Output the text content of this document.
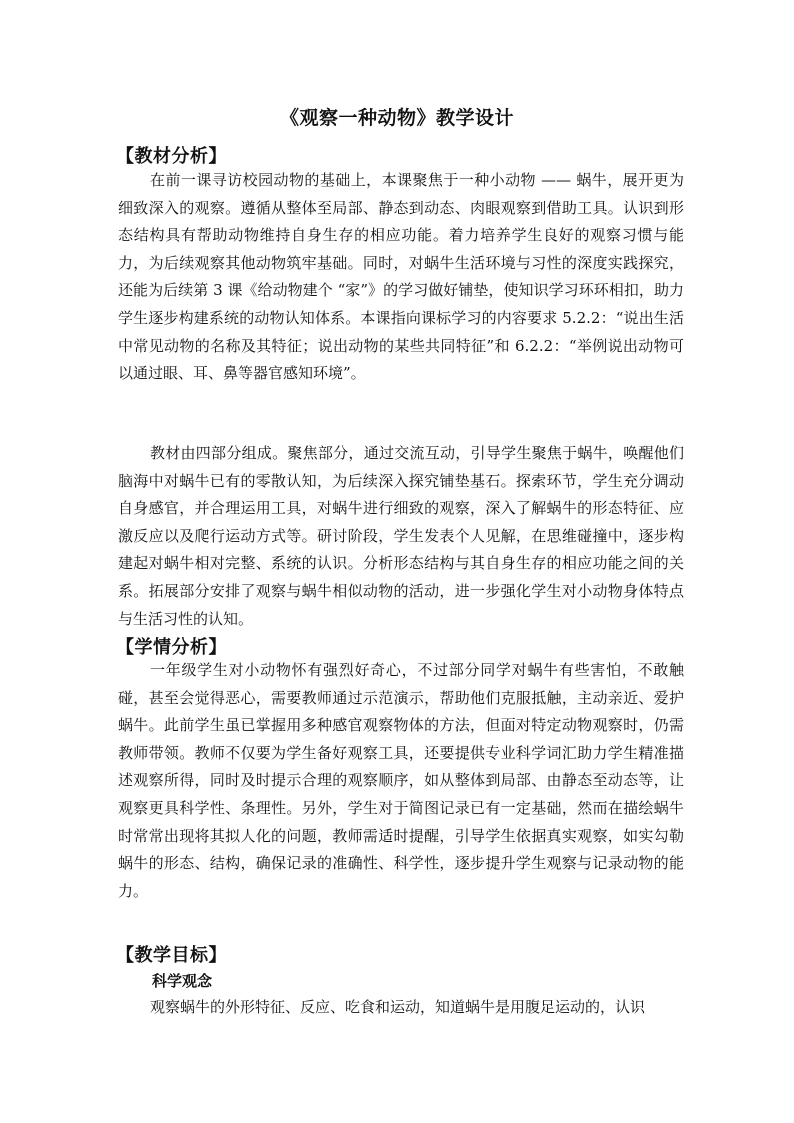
《观察一种动物》教学设计
【教材分析】

在前一课寻访校园动物的基础上，本课聚焦于一种小动物 —— 蜗牛，展开更为细致深入的观察。遵循从整体至局部、静态到动态、肉眼观察到借助工具。认识到形态结构具有帮助动物维持自身生存的相应功能。着力培养学生良好的观察习惯与能力，为后续观察其他动物筑牢基础。同时，对蜗牛生活环境与习性的深度实践探究，还能为后续第 3 课《给动物建个 “家”》的学习做好铺垫，使知识学习环环相扣，助力学生逐步构建系统的动物认知体系。本课指向课标学习的内容要求 5.2.2：“说出生活中常见动物的名称及其特征；说出动物的某些共同特征”和 6.2.2：“举例说出动物可以通过眼、耳、鼻等器官感知环境”。

教材由四部分组成。聚焦部分，通过交流互动，引导学生聚焦于蜗牛，唤醒他们脑海中对蜗牛已有的零散认知，为后续深入探究铺垫基石。探索环节，学生充分调动自身感官，并合理运用工具，对蜗牛进行细致的观察，深入了解蜗牛的形态特征、应激反应以及爬行运动方式等。研讨阶段，学生发表个人见解，在思维碰撞中，逐步构建起对蜗牛相对完整、系统的认识。分析形态结构与其自身生存的相应功能之间的关系。拓展部分安排了观察与蜗牛相似动物的活动，进一步强化学生对小动物身体特点与生活习性的认知。

【学情分析】

一年级学生对小动物怀有强烈好奇心，不过部分同学对蜗牛有些害怕，不敢触碰，甚至会觉得恶心，需要教师通过示范演示，帮助他们克服抵触，主动亲近、爱护蜗牛。此前学生虽已掌握用多种感官观察物体的方法，但面对特定动物观察时，仍需教师带领。教师不仅要为学生备好观察工具，还要提供专业科学词汇助力学生精准描述观察所得，同时及时提示合理的观察顺序，如从整体到局部、由静态至动态等，让观察更具科学性、条理性。另外，学生对于简图记录已有一定基础，然而在描绘蜗牛时常常出现将其拟人化的问题，教师需适时提醒，引导学生依据真实观察，如实勾勒蜗牛的形态、结构，确保记录的准确性、科学性，逐步提升学生观察与记录动物的能力。

【教学目标】
科学观念

观察蜗牛的外形特征、反应、吃食和运动，知道蜗牛是用腹足运动的，认识
